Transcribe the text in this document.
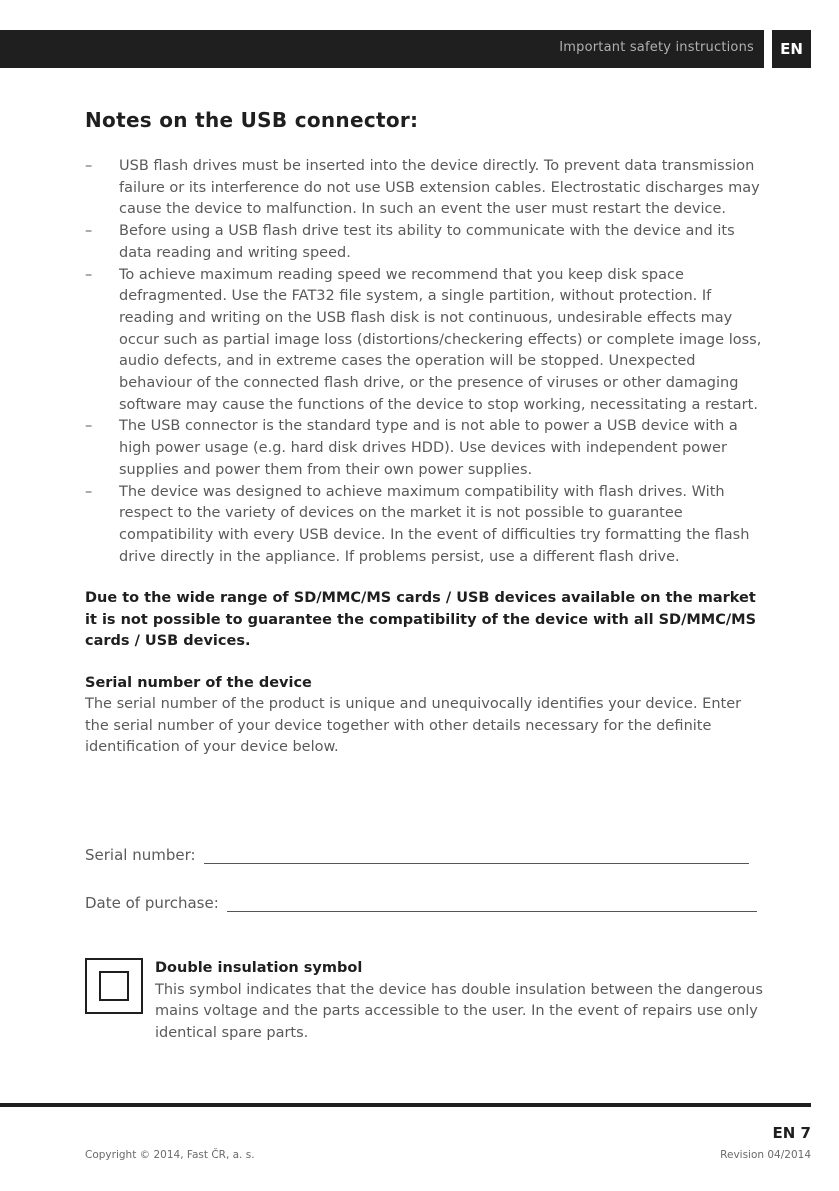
Important safety instructions	EN
Notes on the USB connector:
– USB flash drives must be inserted into the device directly. To prevent data transmission failure or its interference do not use USB extension cables. Electrostatic discharges may cause the device to malfunction. In such an event the user must restart the device.
– Before using a USB flash drive test its ability to communicate with the device and its data reading and writing speed.
– To achieve maximum reading speed we recommend that you keep disk space defragmented. Use the FAT32 file system, a single partition, without protection. If reading and writing on the USB flash disk is not continuous, undesirable effects may occur such as partial image loss (distortions/checkering effects) or complete image loss, audio defects, and in extreme cases the operation will be stopped. Unexpected behaviour of the connected flash drive, or the presence of viruses or other damaging software may cause the functions of the device to stop working, necessitating a restart.
– The USB connector is the standard type and is not able to power a USB device with a high power usage (e.g. hard disk drives HDD). Use devices with independent power supplies and power them from their own power supplies.
– The device was designed to achieve maximum compatibility with flash drives. With respect to the variety of devices on the market it is not possible to guarantee compatibility with every USB device. In the event of difficulties try formatting the flash drive directly in the appliance. If problems persist, use a different flash drive.
Due to the wide range of SD/MMC/MS cards / USB devices available on the market it is not possible to guarantee the compatibility of the device with all SD/MMC/MS cards / USB devices.
Serial number of the device
The serial number of the product is unique and unequivocally identifies your device. Enter the serial number of your device together with other details necessary for the definite identification of your device below.
Serial number:
Date of purchase:
Double insulation symbol
This symbol indicates that the device has double insulation between the dangerous mains voltage and the parts accessible to the user. In the event of repairs use only identical spare parts.
EN 7
Copyright © 2014, Fast ČR, a. s.	Revision 04/2014
